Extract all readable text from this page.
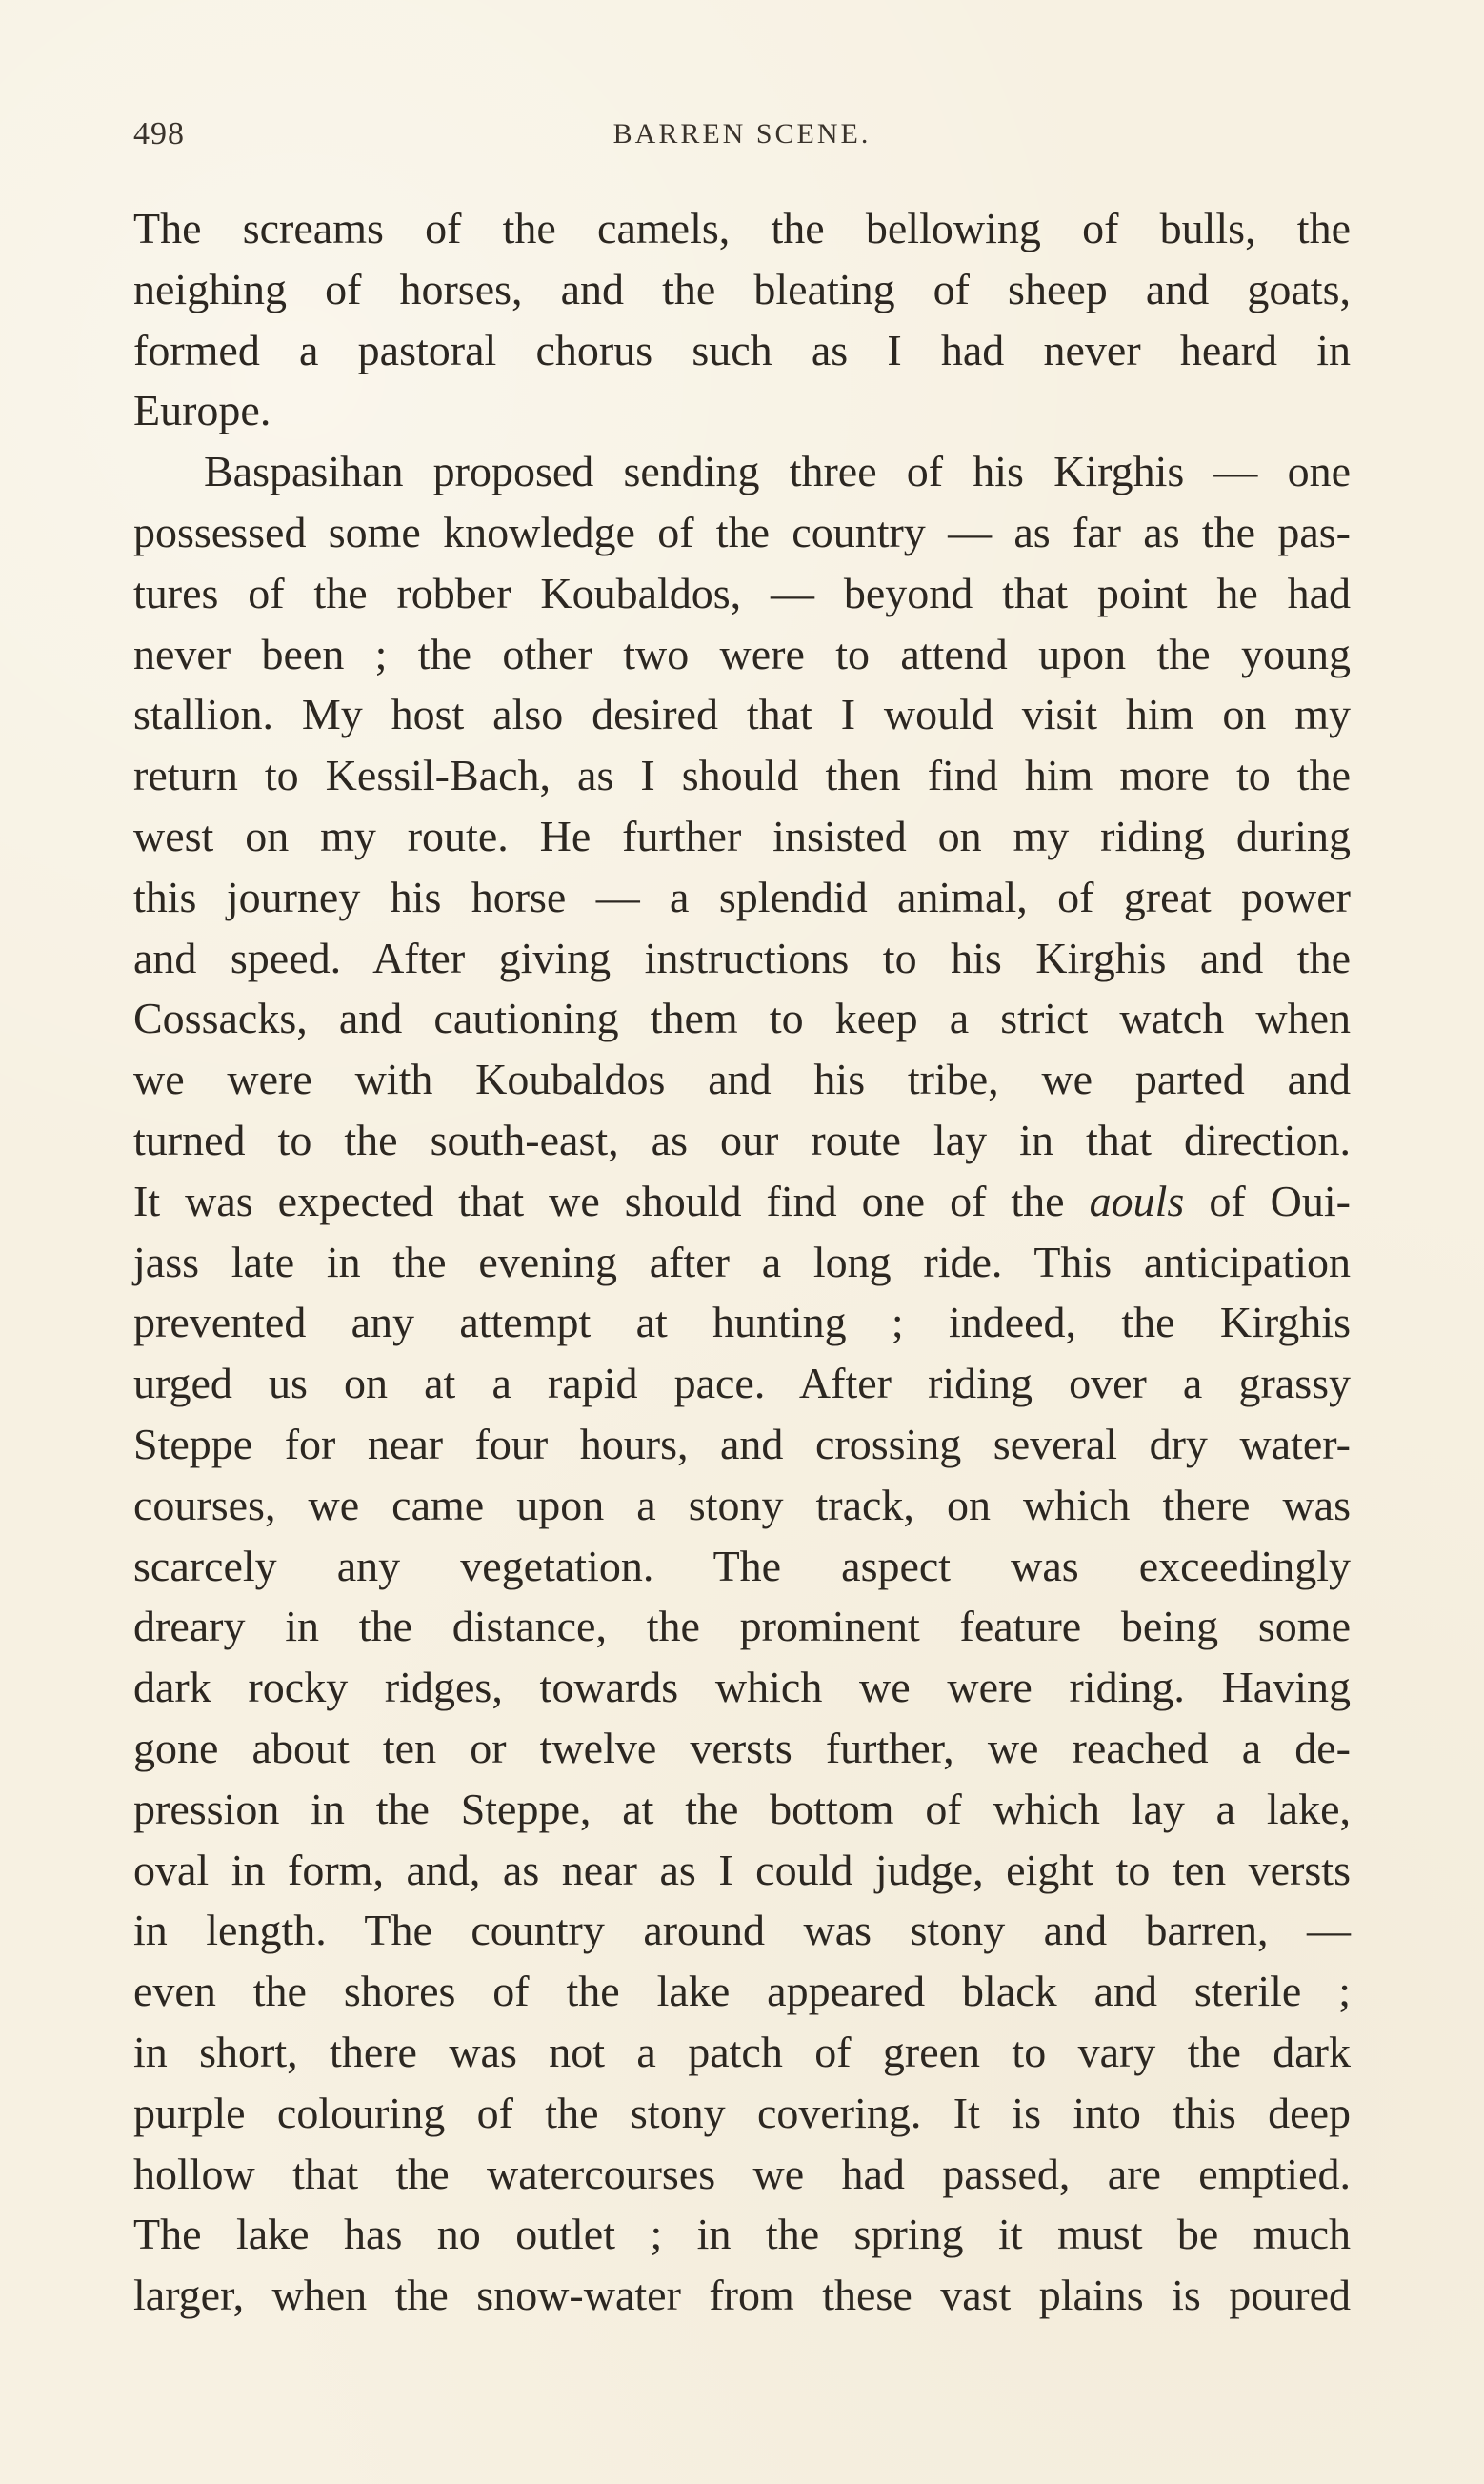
498	BARREN SCENE.
The screams of the camels, the bellowing of bulls, the
neighing of horses, and the bleating of sheep and goats,
formed a pastoral chorus such as I had never heard in
Europe.
Baspasihan proposed sending three of his Kirghis — one
possessed some knowledge of the country — as far as the pas-
tures of the robber Koubaldos, — beyond that point he had
never been ; the other two were to attend upon the young
stallion. My host also desired that I would visit him on my
return to Kessil-Bach, as I should then find him more to the
west on my route. He further insisted on my riding during
this journey his horse — a splendid animal, of great power
and speed. After giving instructions to his Kirghis and the
Cossacks, and cautioning them to keep a strict watch when
we were with Koubaldos and his tribe, we parted and
turned to the south-east, as our route lay in that direction.
It was expected that we should find one of the aouls of Oui-
jass late in the evening after a long ride. This anticipation
prevented any attempt at hunting ; indeed, the Kirghis
urged us on at a rapid pace. After riding over a grassy
Steppe for near four hours, and crossing several dry water-
courses, we came upon a stony track, on which there was
scarcely any vegetation. The aspect was exceedingly
dreary in the distance, the prominent feature being some
dark rocky ridges, towards which we were riding. Having
gone about ten or twelve versts further, we reached a de-
pression in the Steppe, at the bottom of which lay a lake,
oval in form, and, as near as I could judge, eight to ten versts
in length. The country around was stony and barren, —
even the shores of the lake appeared black and sterile ;
in short, there was not a patch of green to vary the dark
purple colouring of the stony covering. It is into this deep
hollow that the watercourses we had passed, are emptied.
The lake has no outlet ; in the spring it must be much
larger, when the snow-water from these vast plains is poured
